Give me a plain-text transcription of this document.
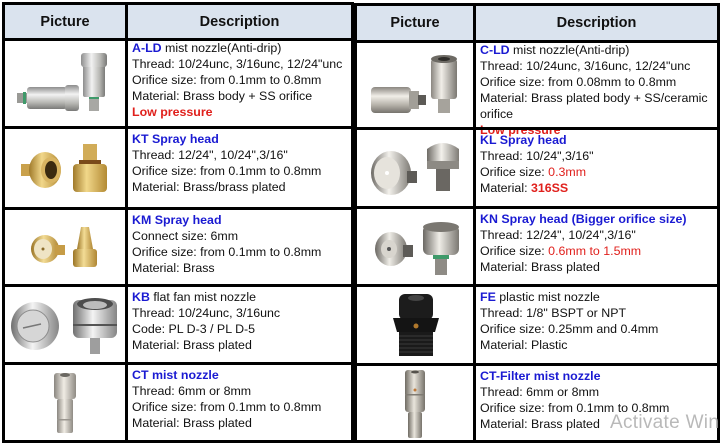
Picture	Description
A-LD mist nozzle(Anti-drip)
Thread: 10/24unc, 3/16unc, 12/24"unc
Orifice size: from 0.1mm to 0.8mm
Material: Brass body + SS orifice
Low pressure
KT Spray head
Thread: 12/24", 10/24",3/16"
Orifice size: from 0.1mm to 0.8mm
Material: Brass/brass plated
KM Spray head
Connect size: 6mm
Orifice size: from 0.1mm to 0.8mm
Material: Brass
KB flat fan mist nozzle
Thread: 10/24unc, 3/16unc
Code: PL D-3 / PL D-5
Material: Brass plated
CT mist nozzle
Thread: 6mm or 8mm
Orifice size: from 0.1mm to 0.8mm
Material: Brass plated
Picture	Description
C-LD mist nozzle(Anti-drip)
Thread: 10/24unc, 3/16unc, 12/24"unc
Orifice size: from 0.08mm to 0.8mm
Material: Brass plated body + SS/ceramic orifice
Low pressure
KL Spray head
Thread: 10/24",3/16"
Orifice size: 0.3mm
Material: 316SS
KN Spray head (Bigger orifice size)
Thread: 12/24", 10/24",3/16"
Orifice size: 0.6mm to 1.5mm
Material: Brass plated
FE plastic mist nozzle
Thread: 1/8" BSPT or NPT
Orifice size: 0.25mm and 0.4mm
Material: Plastic
CT-Filter mist nozzle
Thread: 6mm or 8mm
Orifice size: from 0.1mm to 0.8mm
Material: Brass plated Activate Win
